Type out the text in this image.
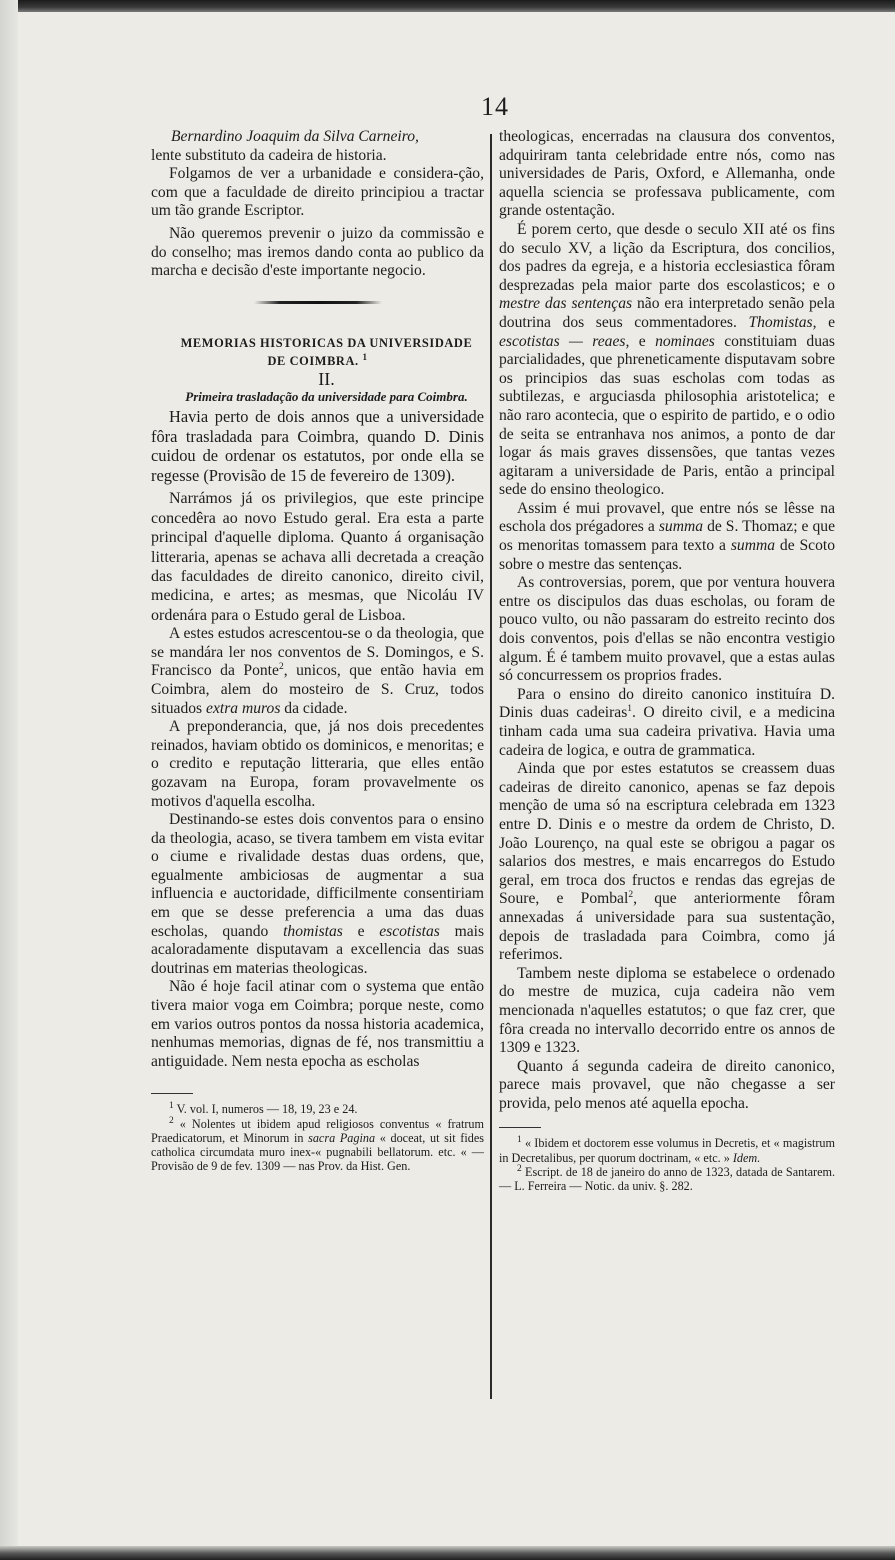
14

Bernardino Joaquim da Silva Carneiro,

lente substituto da cadeira de historia.

Folgamos de ver a urbanidade e considera-ção, com que a faculdade de direito principiou a tractar um tão grande Escriptor.

Não queremos prevenir o juizo da commissão e do conselho; mas iremos dando conta ao publico da marcha e decisão d'este importante negocio.

MEMORIAS HISTORICAS DA UNIVERSIDADE
DE COIMBRA. $^1$

II.

Primeira trasladação da universidade para Coimbra.

Havia perto de dois annos que a universidade fôra trasladada para Coimbra, quando D. Dinis cuidou de ordenar os estatutos, por onde ella se regesse (Provisão de 15 de fevereiro de 1309).

Narrámos já os privilegios, que este principe concedêra ao novo Estudo geral. Era esta a parte principal d'aquelle diploma. Quanto á organisação litteraria, apenas se achava alli decretada a creação das faculdades de direito canonico, direito civil, medicina, e artes; as mesmas, que Nicoláu IV ordenára para o Estudo geral de Lisboa.

A estes estudos acrescentou-se o da theologia, que se mandára ler nos conventos de S. Domingos, e S. Francisco da Ponte$^2$, unicos, que então havia em Coimbra, alem do mosteiro de S. Cruz, todos situados extra muros da cidade.

A preponderancia, que, já nos dois precedentes reinados, haviam obtido os dominicos, e menoritas; e o credito e reputação litteraria, que elles então gozavam na Europa, foram provavelmente os motivos d'aquella escolha.

Destinando-se estes dois conventos para o ensino da theologia, acaso, se tivera tambem em vista evitar o ciume e rivalidade destas duas ordens, que, egualmente ambiciosas de augmentar a sua influencia e auctoridade, difficilmente consentiriam em que se desse preferencia a uma das duas escholas, quando thomistas e escotistas mais acaloradamente disputavam a excellencia das suas doutrinas em materias theologicas.

Não é hoje facil atinar com o systema que então tivera maior voga em Coimbra; porque neste, como em varios outros pontos da nossa historia academica, nenhumas memorias, dignas de fé, nos transmittiu a antiguidade. Nem nesta epocha as escholas

$^1$ V. vol. I, numeros — 18, 19, 23 e 24.

$^2$ « Nolentes ut ibidem apud religiosos conventus « fratrum Praedicatorum, et Minorum in sacra Pagina « doceat, ut sit fides catholica circumdata muro inex-« pugnabili bellatorum. etc. « — Provisão de 9 de fev. 1309 — nas Prov. da Hist. Gen.

theologicas, encerradas na clausura dos conventos, adquiriram tanta celebridade entre nós, como nas universidades de Paris, Oxford, e Allemanha, onde aquella sciencia se professava publicamente, com grande ostentação.

É porem certo, que desde o seculo XII até os fins do seculo XV, a lição da Escriptura, dos concilios, dos padres da egreja, e a historia ecclesiastica fôram desprezadas pela maior parte dos escolasticos; e o mestre das sentenças não era interpretado senão pela doutrina dos seus commentadores. Thomistas, e escotistas — reaes, e nominaes constituiam duas parcialidades, que phreneticamente disputavam sobre os principios das suas escholas com todas as subtilezas, e arguciasda philosophia aristotelica; e não raro acontecia, que o espirito de partido, e o odio de seita se entranhava nos animos, a ponto de dar logar ás mais graves dissensões, que tantas vezes agitaram a universidade de Paris, então a principal sede do ensino theologico.

Assim é mui provavel, que entre nós se lêsse na eschola dos prégadores a summa de S. Thomaz; e que os menoritas tomassem para texto a summa de Scoto sobre o mestre das sentenças.

As controversias, porem, que por ventura houvera entre os discipulos das duas escholas, ou foram de pouco vulto, ou não passaram do estreito recinto dos dois conventos, pois d'ellas se não encontra vestigio algum. É é tambem muito provavel, que a estas aulas só concurressem os proprios frades.

Para o ensino do direito canonico instituíra D. Dinis duas cadeiras$^1$. O direito civil, e a medicina tinham cada uma sua cadeira privativa. Havia uma cadeira de logica, e outra de grammatica.

Ainda que por estes estatutos se creassem duas cadeiras de direito canonico, apenas se faz depois menção de uma só na escriptura celebrada em 1323 entre D. Dinis e o mestre da ordem de Christo, D. João Lourenço, na qual este se obrigou a pagar os salarios dos mestres, e mais encarregos do Estudo geral, em troca dos fructos e rendas das egrejas de Soure, e Pombal$^2$, que anteriormente fôram annexadas á universidade para sua sustentação, depois de trasladada para Coimbra, como já referimos.

Tambem neste diploma se estabelece o ordenado do mestre de muzica, cuja cadeira não vem mencionada n'aquelles estatutos; o que faz crer, que fôra creada no intervallo decorrido entre os annos de 1309 e 1323.

Quanto á segunda cadeira de direito canonico, parece mais provavel, que não chegasse a ser provida, pelo menos até aquella epocha.

$^1$ « Ibidem et doctorem esse volumus in Decretis, et « magistrum in Decretalibus, per quorum doctrinam, « etc. » Idem.

$^2$ Escript. de 18 de janeiro do anno de 1323, datada de Santarem. — L. Ferreira — Notic. da univ. §. 282.
